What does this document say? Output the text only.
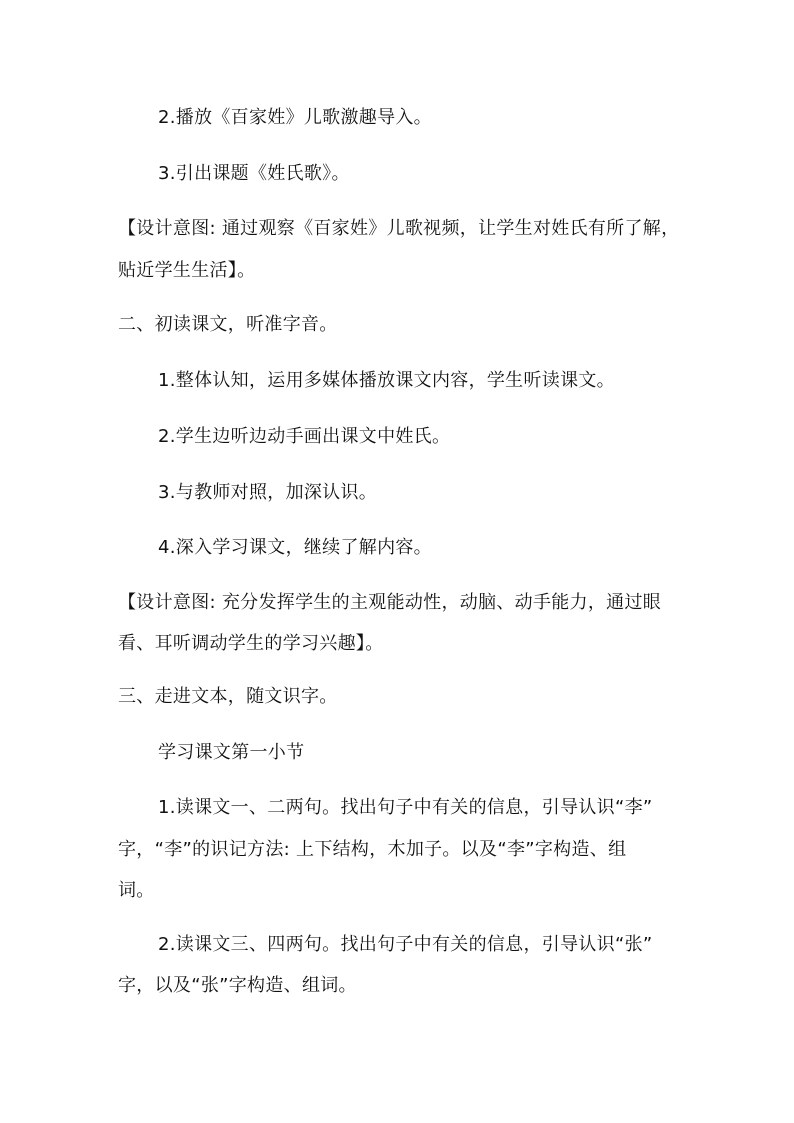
2.播放《百家姓》儿歌激趣导入。
3.引出课题《姓氏歌》。
【设计意图: 通过观察《百家姓》儿歌视频，让学生对姓氏有所了解，
贴近学生生活】。
二、初读课文，听准字音。
1.整体认知，运用多媒体播放课文内容，学生听读课文。
2.学生边听边动手画出课文中姓氏。
3.与教师对照，加深认识。
4.深入学习课文，继续了解内容。
【设计意图: 充分发挥学生的主观能动性，动脑、动手能力，通过眼
看、耳听调动学生的学习兴趣】。
三、走进文本，随文识字。
学习课文第一小节
1.读课文一、二两句。找出句子中有关的信息，引导认识“李”
字，“李”的识记方法: 上下结构，木加子。以及“李”字构造、组
词。
2.读课文三、四两句。找出句子中有关的信息，引导认识“张”
字，以及“张”字构造、组词。
